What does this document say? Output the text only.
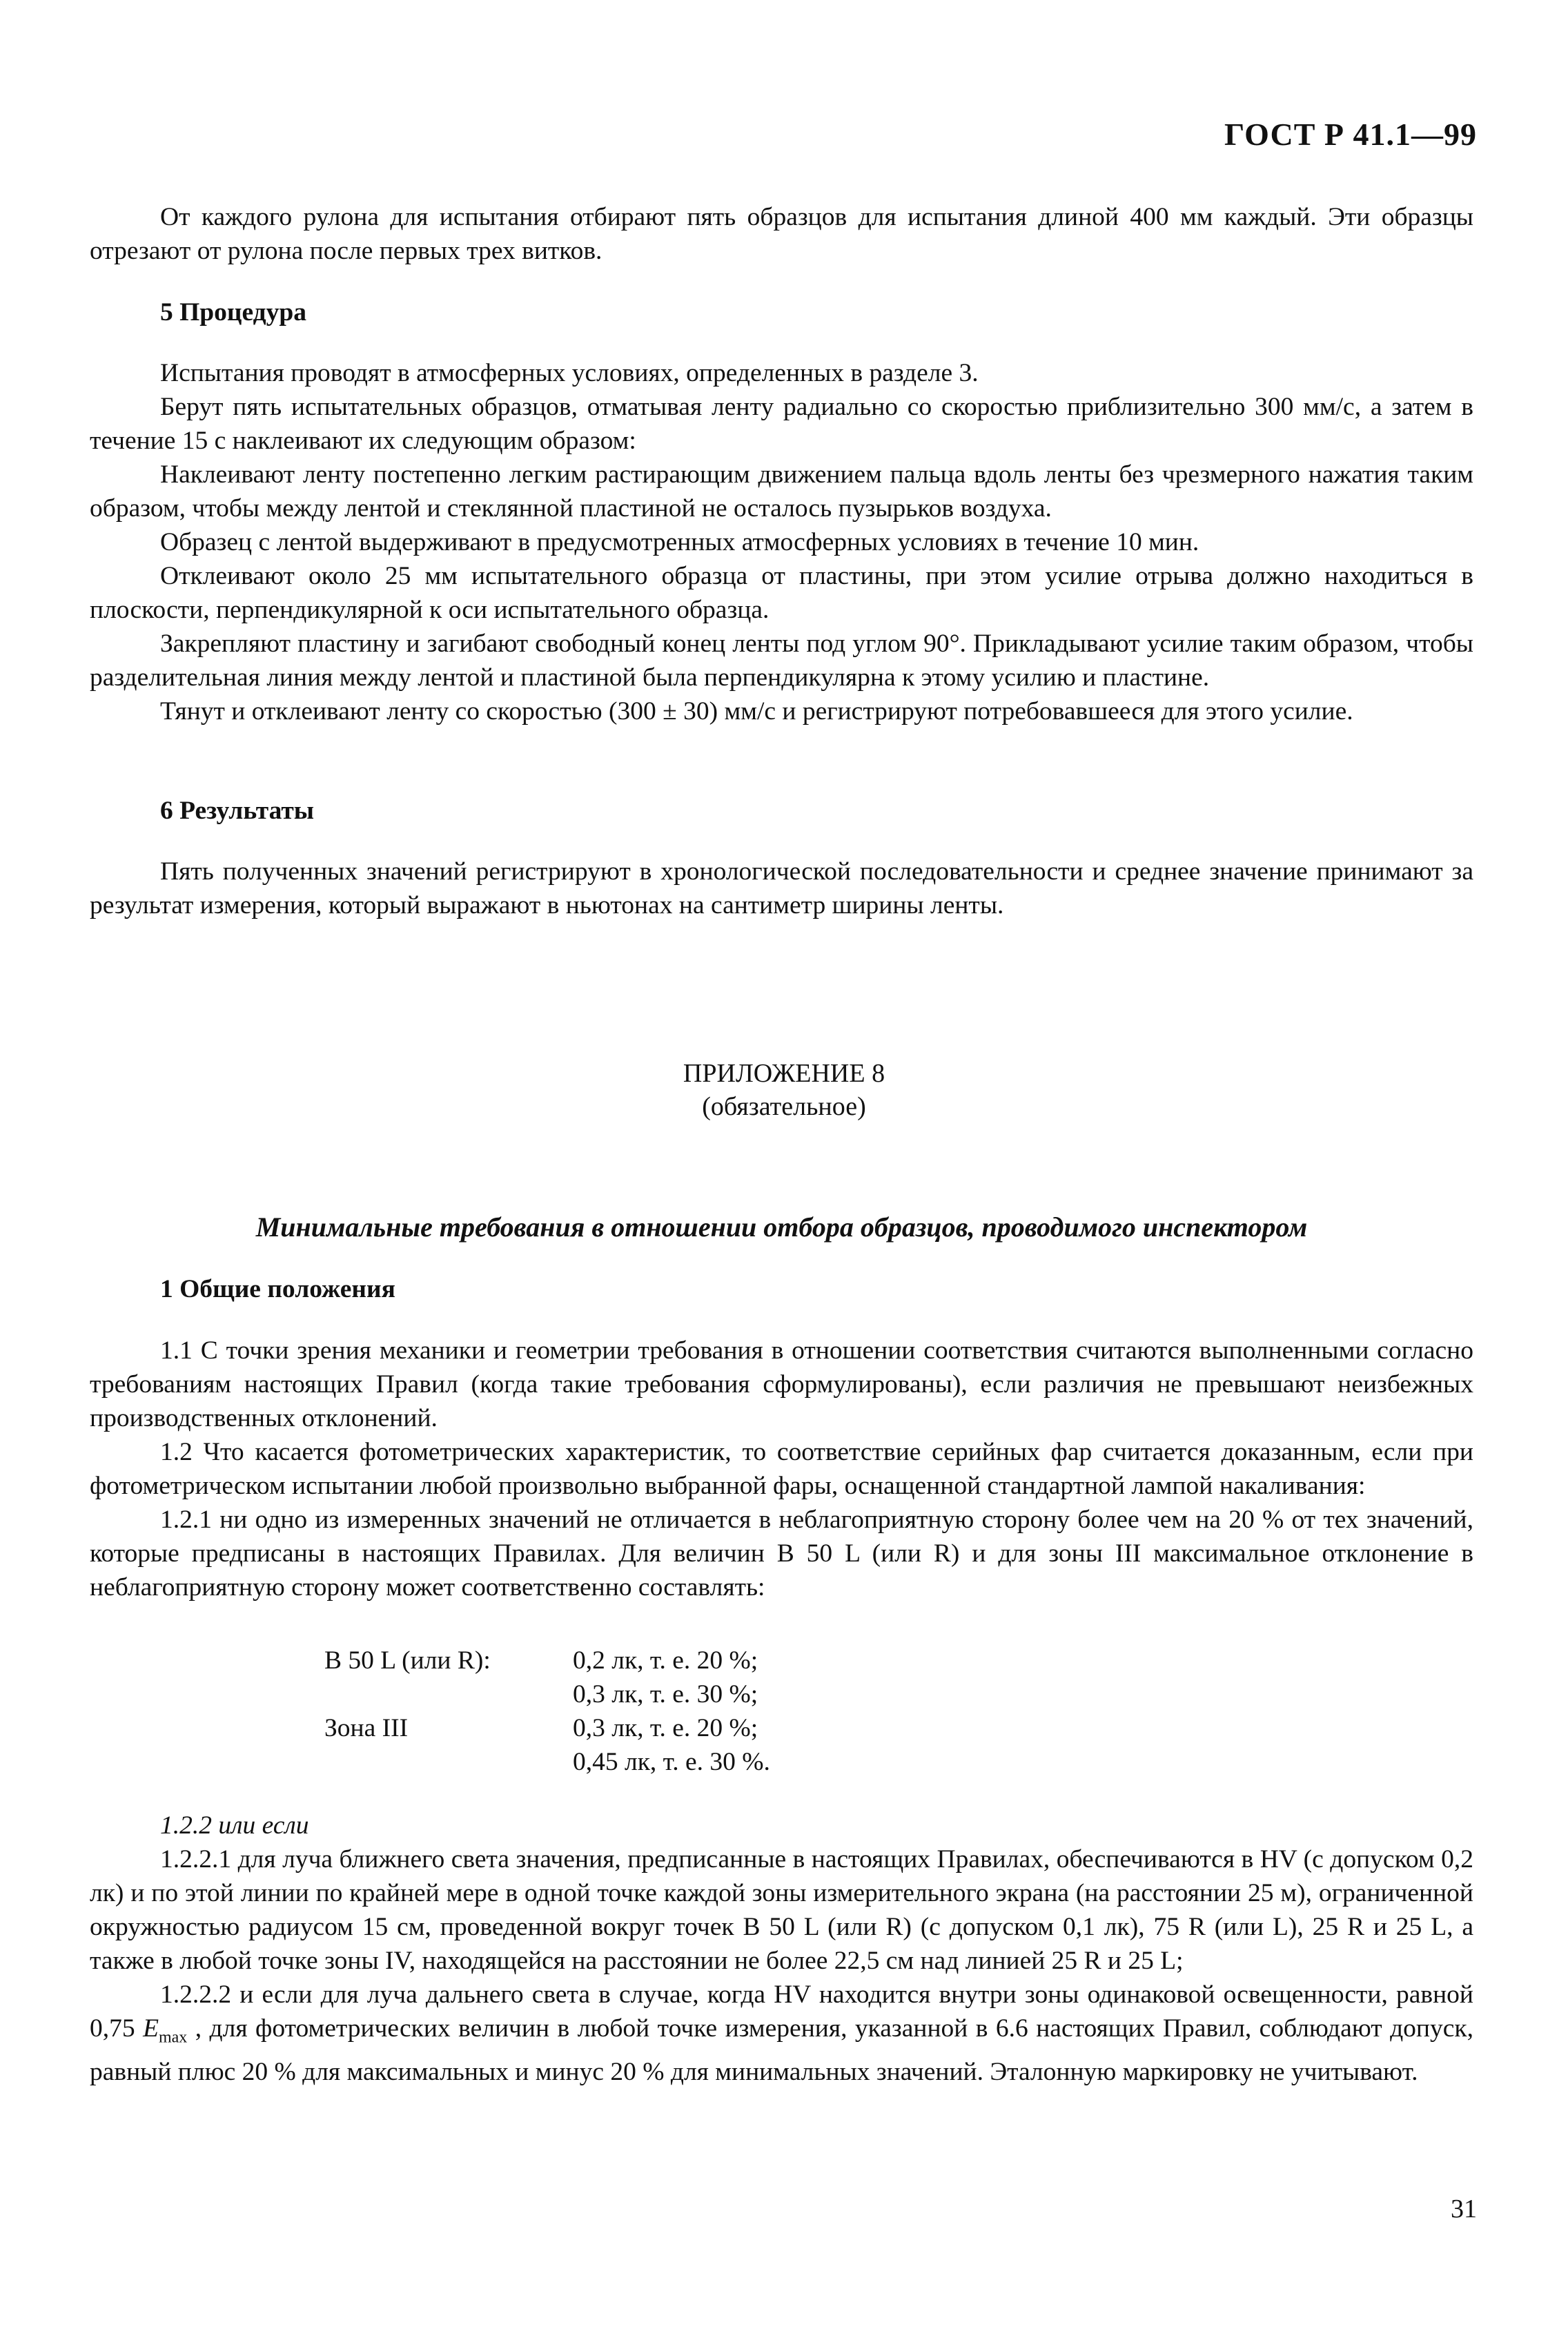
ГОСТ Р 41.1—99

От каждого рулона для испытания отбирают пять образцов для испытания длиной 400 мм каждый. Эти образцы отрезают от рулона после первых трех витков.

5 Процедура

Испытания проводят в атмосферных условиях, определенных в разделе 3.

Берут пять испытательных образцов, отматывая ленту радиально со скоростью приблизительно 300 мм/с, а затем в течение 15 с наклеивают их следующим образом:

Наклеивают ленту постепенно легким растирающим движением пальца вдоль ленты без чрезмерного нажатия таким образом, чтобы между лентой и стеклянной пластиной не осталось пузырьков воздуха.

Образец с лентой выдерживают в предусмотренных атмосферных условиях в течение 10 мин.

Отклеивают около 25 мм испытательного образца от пластины, при этом усилие отрыва должно находиться в плоскости, перпендикулярной к оси испытательного образца.

Закрепляют пластину и загибают свободный конец ленты под углом 90°. Прикладывают усилие таким образом, чтобы разделительная линия между лентой и пластиной была перпендикулярна к этому усилию и пластине.

Тянут и отклеивают ленту со скоростью (300 ± 30) мм/с и регистрируют потребовавшееся для этого усилие.

6 Результаты

Пять полученных значений регистрируют в хронологической последовательности и среднее значение принимают за результат измерения, который выражают в ньютонах на сантиметр ширины ленты.

ПРИЛОЖЕНИЕ 8
(обязательное)
Минимальные требования в отношении отбора образцов, проводимого инспектором
1 Общие положения

1.1 С точки зрения механики и геометрии требования в отношении соответствия считаются выполненными согласно требованиям настоящих Правил (когда такие требования сформулированы), если различия не превышают неизбежных производственных отклонений.

1.2 Что касается фотометрических характеристик, то соответствие серийных фар считается доказанным, если при фотометрическом испытании любой произвольно выбранной фары, оснащенной стандартной лампой накаливания:

1.2.1 ни одно из измеренных значений не отличается в неблагоприятную сторону более чем на 20 % от тех значений, которые предписаны в настоящих Правилах. Для величин B 50 L (или R) и для зоны III максимальное отклонение в неблагоприятную сторону может соответственно составлять:

B 50 L (или R):	0,2 лк, т. е. 20 %;
0,3 лк, т. е. 30 %;
Зона III	0,3 лк, т. е. 20 %;
0,45 лк, т. е. 30 %.

1.2.2 или если

1.2.2.1 для луча ближнего света значения, предписанные в настоящих Правилах, обеспечиваются в HV (с допуском 0,2 лк) и по этой линии по крайней мере в одной точке каждой зоны измерительного экрана (на расстоянии 25 м), ограниченной окружностью радиусом 15 см, проведенной вокруг точек B 50 L (или R) (с допуском 0,1 лк), 75 R (или L), 25 R и 25 L, а также в любой точке зоны IV, находящейся на расстоянии не более 22,5 см над линией 25 R и 25 L;

1.2.2.2 и если для луча дальнего света в случае, когда HV находится внутри зоны одинаковой освещенности, равной 0,75 $E_{max}$ , для фотометрических величин в любой точке измерения, указанной в 6.6 настоящих Правил, соблюдают допуск, равный плюс 20 % для максимальных и минус 20 % для минимальных значений. Эталонную маркировку не учитывают.

31
